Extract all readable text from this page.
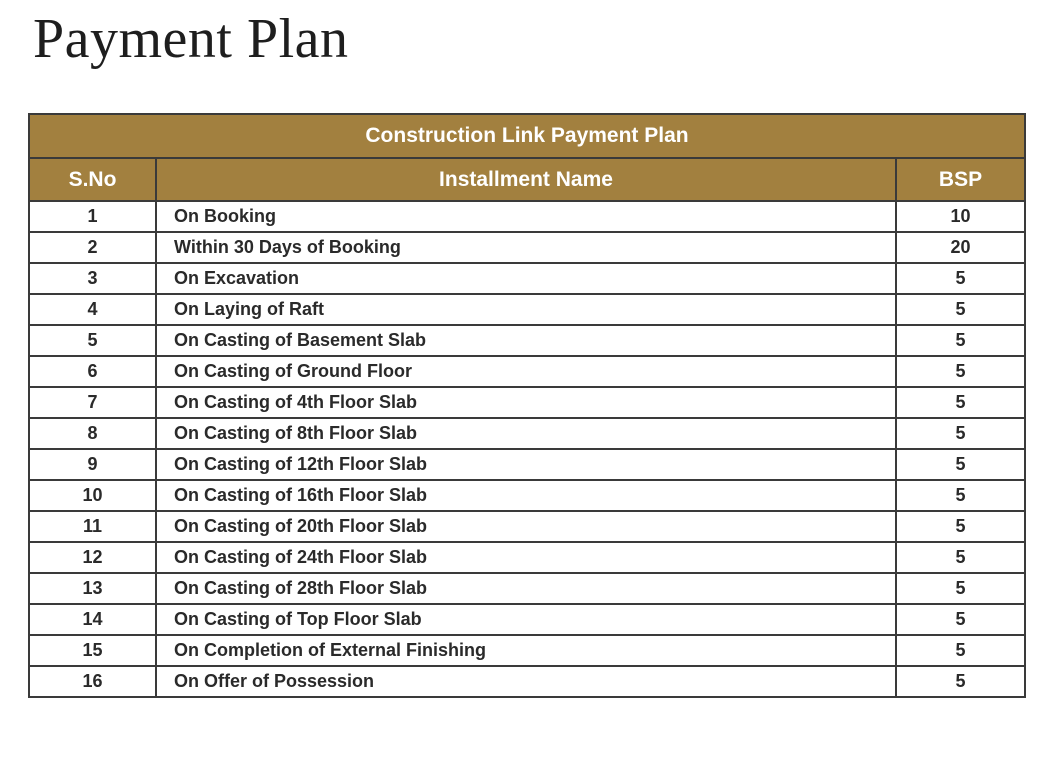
Payment Plan
Construction Link Payment Plan		
S.No	Installment Name	BSP
1	On Booking	10
2	Within 30 Days of Booking	20
3	On Excavation	5
4	On Laying of Raft	5
5	On Casting of Basement Slab	5
6	On Casting of Ground Floor	5
7	On Casting of 4th Floor Slab	5
8	On Casting of 8th Floor Slab	5
9	On Casting of 12th Floor Slab	5
10	On Casting of 16th Floor Slab	5
11	On Casting of 20th Floor Slab	5
12	On Casting of 24th Floor Slab	5
13	On Casting of 28th Floor Slab	5
14	On Casting of Top Floor Slab	5
15	On Completion of External Finishing	5
16	On Offer of Possession	5
